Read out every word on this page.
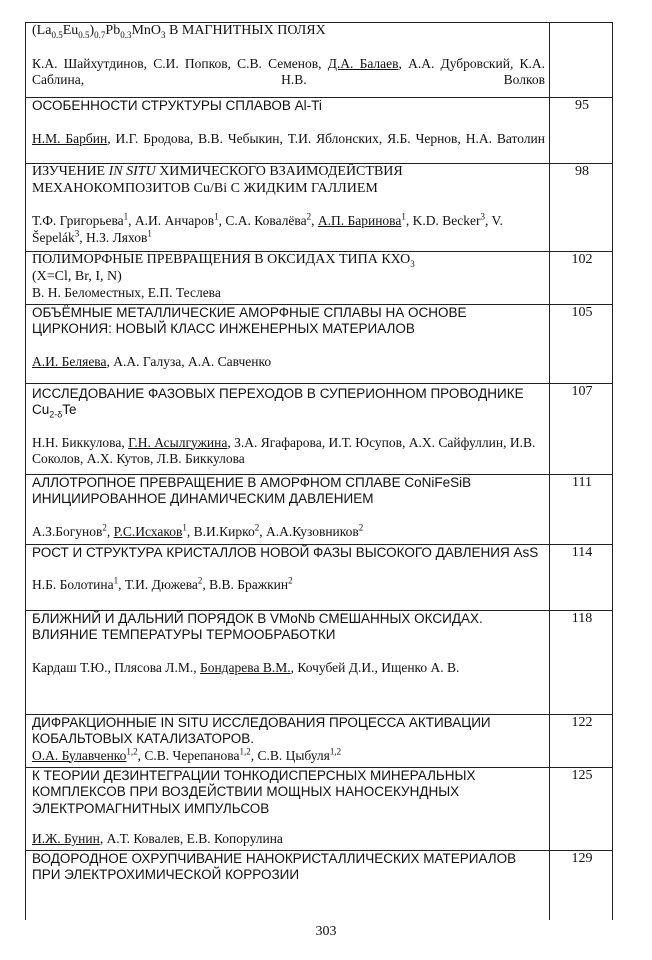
$(La_{0.5}Eu_{0.5})_{0.7}Pb_{0.3}MnO_3$ В МАГНИТНЫХ ПОЛЯХ
К.А. Шайхутдинов, С.И. Попков, С.В. Семенов, Д.А. Балаев, А.А. Дубровский, К.А. Саблина, Н.В. Волков	

ОСОБЕННОСТИ СТРУКТУРЫ СПЛАВОВ Al-Ti
Н.М. Барбин, И.Г. Бродова, В.В. Чебыкин, Т.И. Яблонских, Я.Б. Чернов, Н.А. Ватолин	95

ИЗУЧЕНИЕ IN SITU ХИМИЧЕСКОГО ВЗАИМОДЕЙСТВИЯ МЕХАНОКОМПОЗИТОВ Cu/Bi С ЖИДКИМ ГАЛЛИЕМ
Т.Ф. Григорьева$^1$, А.И. Анчаров$^1$, С.А. Ковалёва$^2$, А.П. Баринова$^1$, K.D. Becker$^3$, V. Šepelák$^3$, Н.З. Ляхов$^1$	98

ПОЛИМОРФНЫЕ ПРЕВРАЩЕНИЯ В ОКСИДАХ ТИПА $КХО_3$
(X=Cl, Br, I, N)
В. Н. Беломестных, Е.П. Теслева	102

ОБЪЁМНЫЕ МЕТАЛЛИЧЕСКИЕ АМОРФНЫЕ СПЛАВЫ НА ОСНОВЕ ЦИРКОНИЯ: НОВЫЙ КЛАСС ИНЖЕНЕРНЫХ МАТЕРИАЛОВ
А.И. Беляева, А.А. Галуза, А.А. Савченко	105

ИССЛЕДОВАНИЕ ФАЗОВЫХ ПЕРЕХОДОВ В СУПЕРИОННОМ ПРОВОДНИКЕ $Cu_{2-\delta}Te$
Н.Н. Биккулова, Г.Н. Асылгужина, З.А. Ягафарова, И.Т. Юсупов, А.Х. Сайфуллин, И.В. Соколов, А.Х. Кутов, Л.В. Биккулова	107

АЛЛОТРОПНОЕ ПРЕВРАЩЕНИЕ В АМОРФНОМ СПЛАВЕ CoNiFeSiB ИНИЦИИРОВАННОЕ ДИНАМИЧЕСКИМ ДАВЛЕНИЕМ
А.З.Богунов$^2$, Р.С.Исхаков$^1$, В.И.Кирко$^2$, А.А.Кузовников$^2$	111

РОСТ И СТРУКТУРА КРИСТАЛЛОВ НОВОЙ ФАЗЫ ВЫСОКОГО ДАВЛЕНИЯ AsS
Н.Б. Болотина$^1$, Т.И. Дюжева$^2$, В.В. Бражкин$^2$	114

БЛИЖНИЙ И ДАЛЬНИЙ ПОРЯДОК В VMoNb СМЕШАННЫХ ОКСИДАХ.
ВЛИЯНИЕ ТЕМПЕРАТУРЫ ТЕРМООБРАБОТКИ
Кардаш Т.Ю., Плясова Л.М., Бондарева В.М., Кочубей Д.И., Ищенко А. В.	118

ДИФРАКЦИОННЫЕ IN SITU ИССЛЕДОВАНИЯ ПРОЦЕССА АКТИВАЦИИ КОБАЛЬТОВЫХ КАТАЛИЗАТОРОВ.
О.А. Булавченко$^{1,2}$, С.В. Черепанова$^{1,2}$, С.В. Цыбуля$^{1,2}$	122

К ТЕОРИИ ДЕЗИНТЕГРАЦИИ ТОНКОДИСПЕРСНЫХ МИНЕРАЛЬНЫХ КОМПЛЕКСОВ ПРИ ВОЗДЕЙСТВИИ МОЩНЫХ НАНОСЕКУНДНЫХ ЭЛЕКТРОМАГНИТНЫХ ИМПУЛЬСОВ
И.Ж. Бунин, А.Т. Ковалев, Е.В. Копорулина	125

ВОДОРОДНОЕ ОХРУПЧИВАНИЕ НАНОКРИСТАЛЛИЧЕСКИХ МАТЕРИАЛОВ ПРИ ЭЛЕКТРОХИМИЧЕСКОЙ КОРРОЗИИ	129
303
